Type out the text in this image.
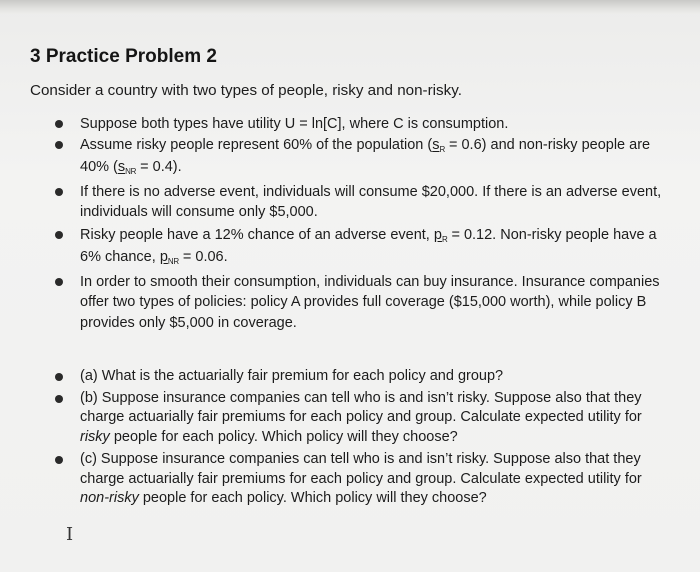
3 Practice Problem 2

Consider a country with two types of people, risky and non-risky.

Suppose both types have utility U = ln[C], where C is consumption.
Assume risky people represent 60% of the population $(s_R = 0.6)$ and non-risky people are 40% $(s_{NR} = 0.4)$.
If there is no adverse event, individuals will consume $20,000. If there is an adverse event, individuals will consume only $5,000.
Risky people have a 12% chance of an adverse event, $p_R = 0.12$. Non-risky people have a 6% chance, $p_{NR} = 0.06$.
In order to smooth their consumption, individuals can buy insurance. Insurance companies offer two types of policies: policy A provides full coverage ($15,000 worth), while policy B provides only $5,000 in coverage.
(a) What is the actuarially fair premium for each policy and group?
(b) Suppose insurance companies can tell who is and isn’t risky. Suppose also that they charge actuarially fair premiums for each policy and group. Calculate expected utility for risky people for each policy. Which policy will they choose?
(c) Suppose insurance companies can tell who is and isn’t risky. Suppose also that they charge actuarially fair premiums for each policy and group. Calculate expected utility for non-risky people for each policy. Which policy will they choose?
I
